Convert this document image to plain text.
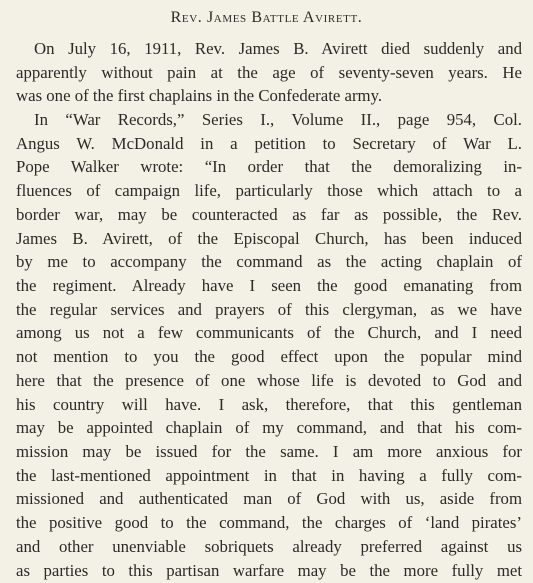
Rev. James Battle Avirett.
On July 16, 1911, Rev. James B. Avirett died suddenly and
apparently without pain at the age of seventy-seven years. He
was one of the first chaplains in the Confederate army.
In “War Records,” Series I., Volume II., page 954, Col.
Angus W. McDonald in a petition to Secretary of War L.
Pope Walker wrote: “In order that the demoralizing in-
fluences of campaign life, particularly those which attach to a
border war, may be counteracted as far as possible, the Rev.
James B. Avirett, of the Episcopal Church, has been induced
by me to accompany the command as the acting chaplain of
the regiment. Already have I seen the good emanating from
the regular services and prayers of this clergyman, as we have
among us not a few communicants of the Church, and I need
not mention to you the good effect upon the popular mind
here that the presence of one whose life is devoted to God and
his country will have. I ask, therefore, that this gentleman
may be appointed chaplain of my command, and that his com-
mission may be issued for the same. I am more anxious for
the last-mentioned appointment in that in having a fully com-
missioned and authenticated man of God with us, aside from
the positive good to the command, the charges of ‘land pirates’
and other unenviable sobriquets already preferred against us
as parties to this partisan warfare may be the more fully met
